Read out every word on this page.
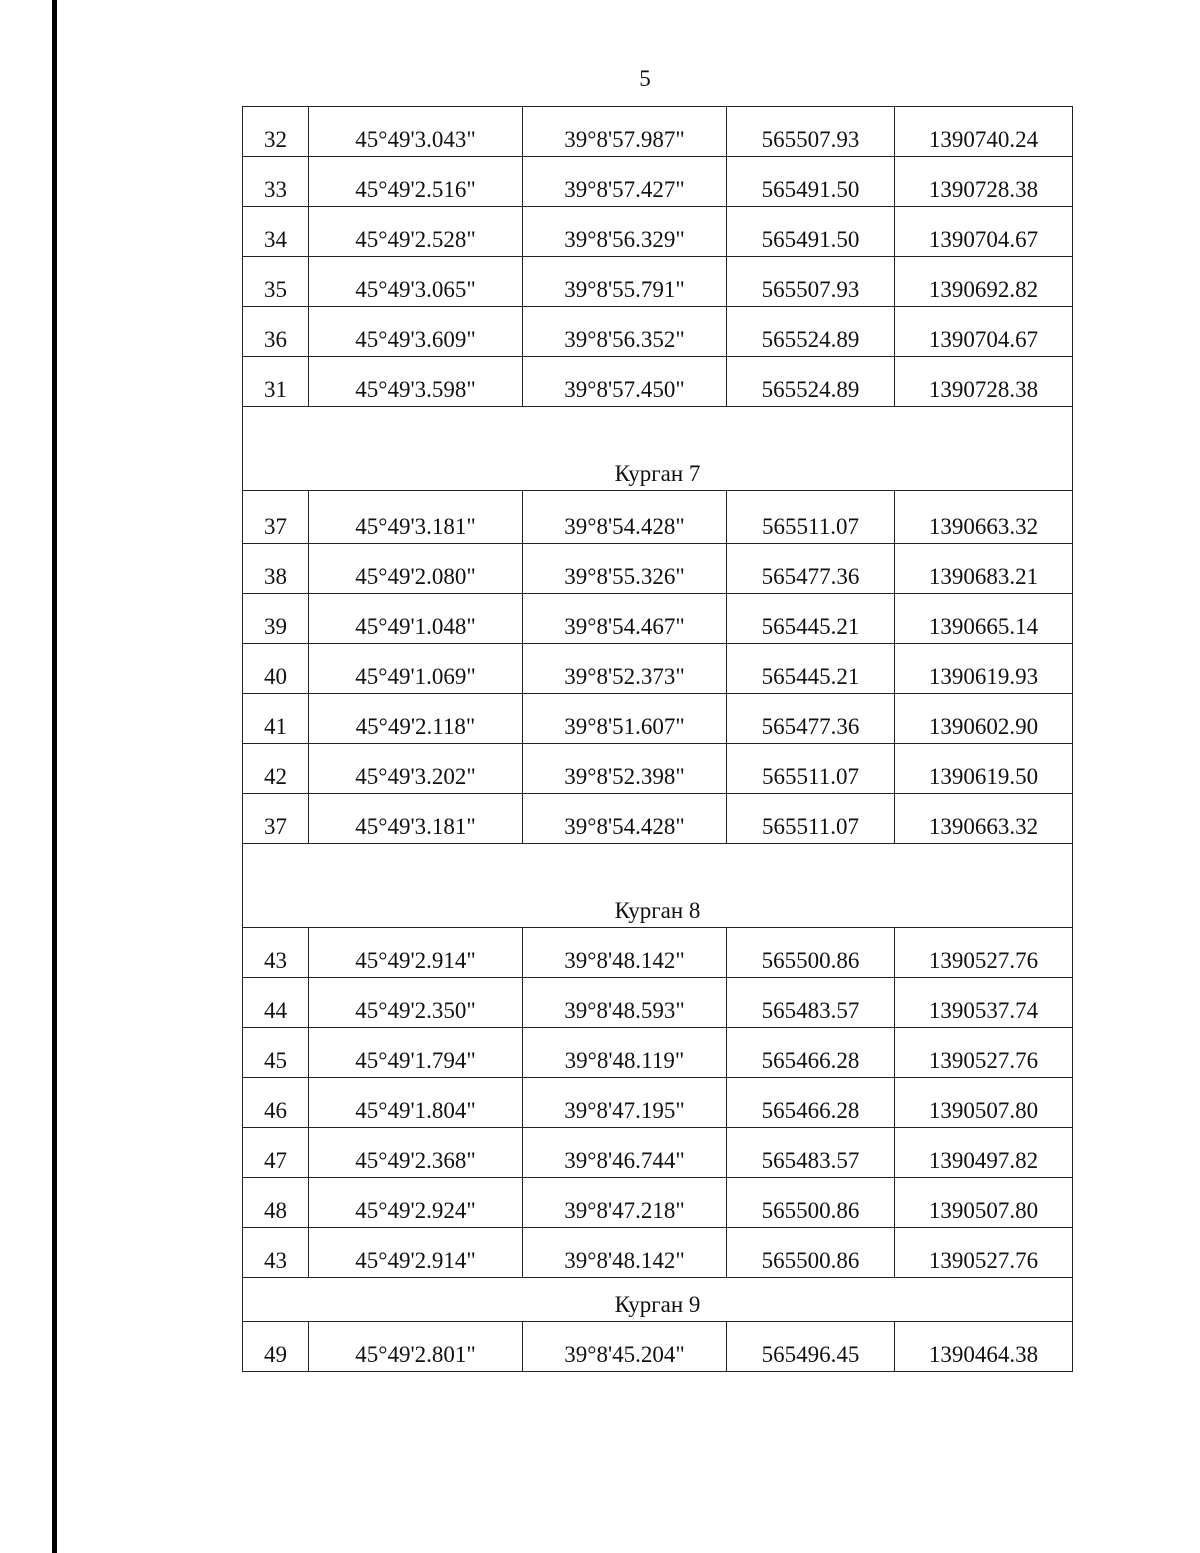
5
32	45°49'3.043"	39°8'57.987"	565507.93	1390740.24
33	45°49'2.516"	39°8'57.427"	565491.50	1390728.38
34	45°49'2.528"	39°8'56.329"	565491.50	1390704.67
35	45°49'3.065"	39°8'55.791"	565507.93	1390692.82
36	45°49'3.609"	39°8'56.352"	565524.89	1390704.67
31	45°49'3.598"	39°8'57.450"	565524.89	1390728.38
Курган 7				
37	45°49'3.181"	39°8'54.428"	565511.07	1390663.32
38	45°49'2.080"	39°8'55.326"	565477.36	1390683.21
39	45°49'1.048"	39°8'54.467"	565445.21	1390665.14
40	45°49'1.069"	39°8'52.373"	565445.21	1390619.93
41	45°49'2.118"	39°8'51.607"	565477.36	1390602.90
42	45°49'3.202"	39°8'52.398"	565511.07	1390619.50
37	45°49'3.181"	39°8'54.428"	565511.07	1390663.32
Курган 8				
43	45°49'2.914"	39°8'48.142"	565500.86	1390527.76
44	45°49'2.350"	39°8'48.593"	565483.57	1390537.74
45	45°49'1.794"	39°8'48.119"	565466.28	1390527.76
46	45°49'1.804"	39°8'47.195"	565466.28	1390507.80
47	45°49'2.368"	39°8'46.744"	565483.57	1390497.82
48	45°49'2.924"	39°8'47.218"	565500.86	1390507.80
43	45°49'2.914"	39°8'48.142"	565500.86	1390527.76
Курган 9				
49	45°49'2.801"	39°8'45.204"	565496.45	1390464.38
